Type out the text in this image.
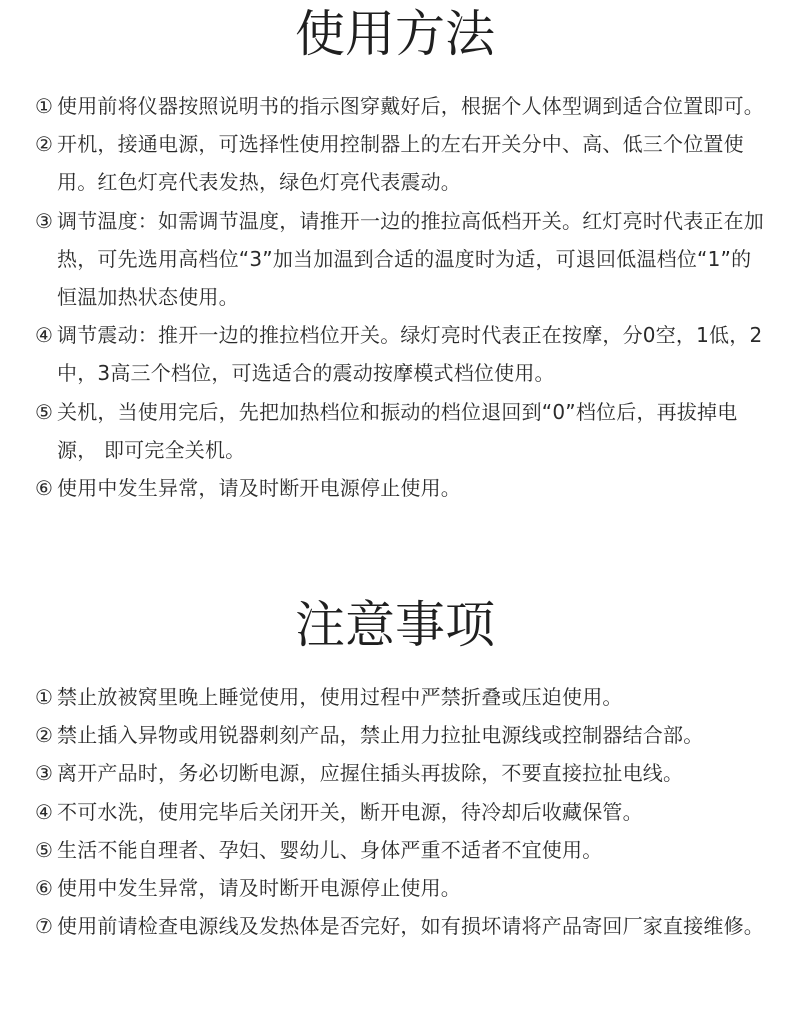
使用方法
① 使用前将仪器按照说明书的指示图穿戴好后，根据个人体型调到适合位置即可。
② 开机，接通电源，可选择性使用控制器上的左右开关分中、高、低三个位置使用。红色灯亮代表发热，绿色灯亮代表震动。
③ 调节温度：如需调节温度，请推开一边的推拉高低档开关。红灯亮时代表正在加热，可先选用高档位“3”加当加温到合适的温度时为适，可退回低温档位“1”的恒温加热状态使用。
④ 调节震动：推开一边的推拉档位开关。绿灯亮时代表正在按摩，分0空，1低，2中，3高三个档位，可选适合的震动按摩模式档位使用。
⑤ 关机，当使用完后，先把加热档位和振动的档位退回到“0”档位后，再拔掉电源， 即可完全关机。
⑥ 使用中发生异常，请及时断开电源停止使用。
注意事项
① 禁止放被窝里晚上睡觉使用，使用过程中严禁折叠或压迫使用。
② 禁止插入异物或用锐器刺刻产品，禁止用力拉扯电源线或控制器结合部。
③ 离开产品时，务必切断电源，应握住插头再拔除，不要直接拉扯电线。
④ 不可水洗，使用完毕后关闭开关，断开电源，待冷却后收藏保管。
⑤ 生活不能自理者、孕妇、婴幼儿、身体严重不适者不宜使用。
⑥ 使用中发生异常，请及时断开电源停止使用。
⑦ 使用前请检查电源线及发热体是否完好，如有损坏请将产品寄回厂家直接维修。
